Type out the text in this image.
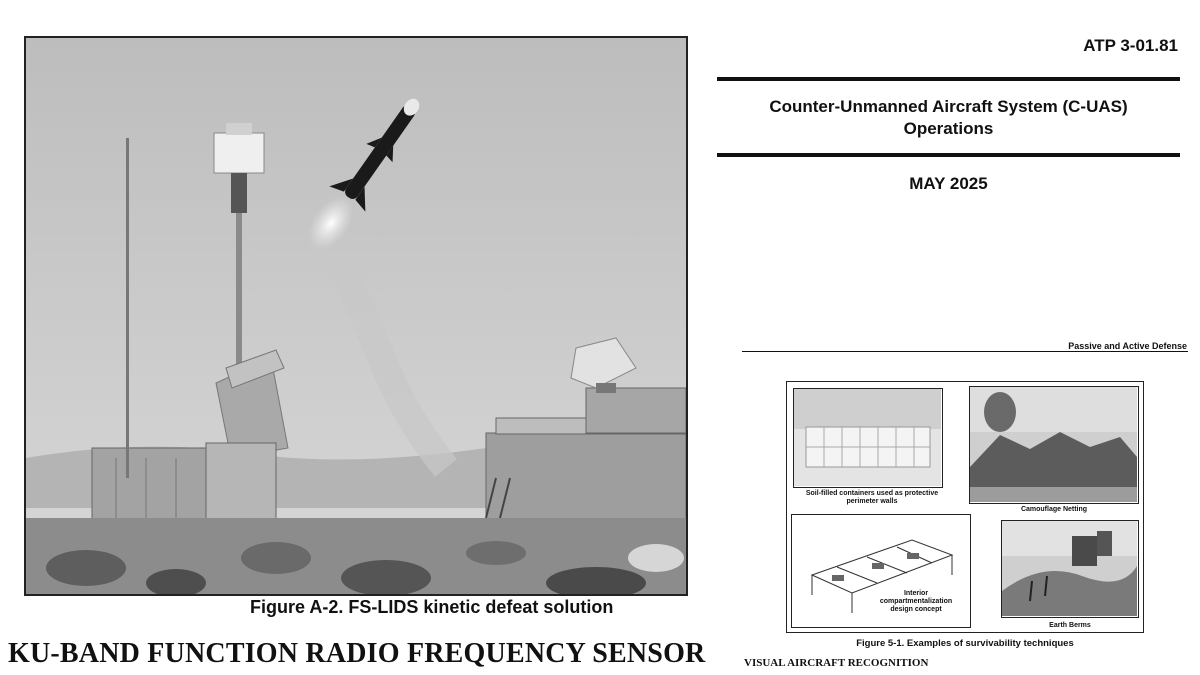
Figure A-2. FS-LIDS kinetic defeat solution
KU-BAND FUNCTION RADIO FREQUENCY SENSOR
ATP 3-01.81
Counter-Unmanned Aircraft System (C-UAS)
Operations
MAY 2025
Passive and Active Defense
Soil-filled containers used as protective
perimeter walls
Camouflage Netting
Interior
compartmentalization
design concept
Earth Berms
Figure 5-1. Examples of survivability techniques
VISUAL AIRCRAFT RECOGNITION
